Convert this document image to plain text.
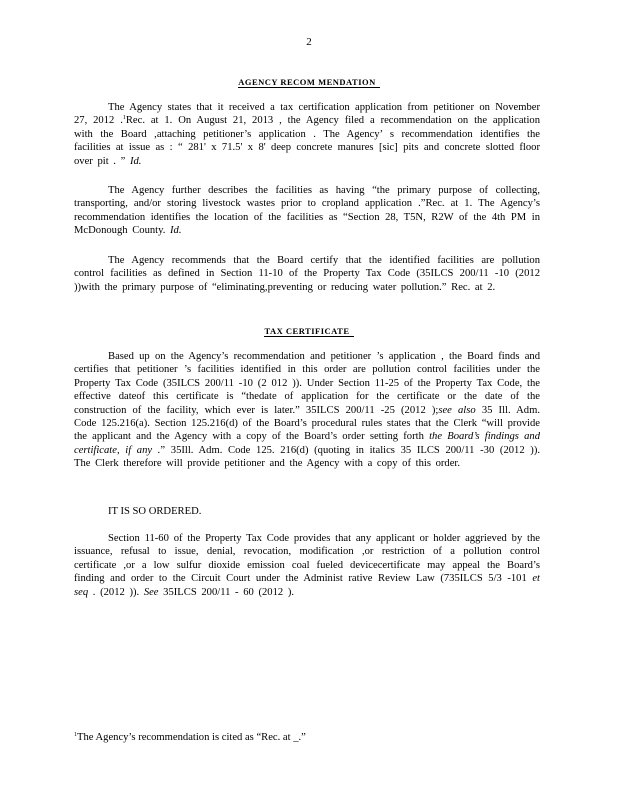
2
AGENCY RECOM MENDATION

The Agency states that it received a tax certification application from petitioner on November 27, 2012 .$^1$Rec. at 1. On August 21, 2013 , the Agency filed a recommendation on the application with the Board ,attaching petitioner’s application . The Agency’ s recommendation identifies the facilities at issue as : “ 281' x 71.5' x 8' deep concrete manures [sic] pits and concrete slotted floor over pit . ” Id.

The Agency further describes the facilities as having “the primary purpose of collecting, transporting, and/or storing livestock wastes prior to cropland application .”Rec. at 1. The Agency’s recommendation identifies the location of the facilities as “Section 28, T5N, R2W of the 4th PM in McDonough County. Id.

The Agency recommends that the Board certify that the identified facilities are pollution control facilities as defined in Section 11-10 of the Property Tax Code (35ILCS 200/11 -10 (2012 ))with the primary purpose of “eliminating,preventing or reducing water pollution.” Rec. at 2.

TAX CERTIFICATE

Based up on the Agency’s recommendation and petitioner ’s application , the Board finds and certifies that petitioner ’s facilities identified in this order are pollution control facilities under the Property Tax Code (35ILCS 200/11 -10 (2 012 )). Under Section 11-25 of the Property Tax Code, the effective dateof this certificate is “thedate of application for the certificate or the date of the construction of the facility, which ever is later.” 35ILCS 200/11 -25 (2012 );see also 35 Ill. Adm. Code 125.216(a). Section 125.216(d) of the Board’s procedural rules states that the Clerk “will provide the applicant and the Agency with a copy of the Board’s order setting forth the Board’s findings and certificate, if any .” 35Ill. Adm. Code 125. 216(d) (quoting in italics 35 ILCS 200/11 -30 (2012 )). The Clerk therefore will provide petitioner and the Agency with a copy of this order.

IT IS SO ORDERED.

Section 11-60 of the Property Tax Code provides that any applicant or holder aggrieved by the issuance, refusal to issue, denial, revocation, modification ,or restriction of a pollution control certificate ,or a low sulfur dioxide emission coal fueled devicecertificate may appeal the Board’s finding and order to the Circuit Court under the Administ rative Review Law (735ILCS 5/3 -101 et seq . (2012 )). See 35ILCS 200/11 - 60 (2012 ).

$^1$The Agency’s recommendation is cited as “Rec. at _.”
